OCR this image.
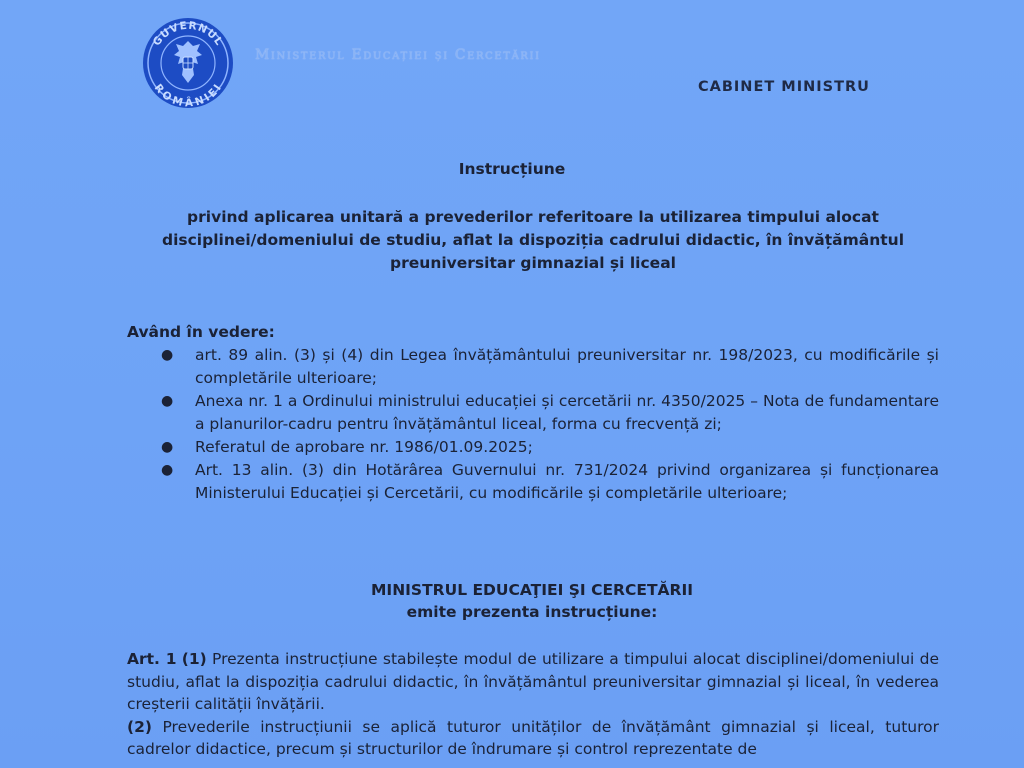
GUVERNUL
ROMÂNIEI
Ministerul Educației și Cercetării
CABINET MINISTRU
Instrucțiune
privind aplicarea unitară a prevederilor referitoare la utilizarea timpului alocat disciplinei/domeniului de studiu, aflat la dispoziția cadrului didactic, în învățământul preuniversitar gimnazial și liceal
Având în vedere:
● art. 89 alin. (3) și (4) din Legea învățământului preuniversitar nr. 198/2023, cu modificările și completările ulterioare;
● Anexa nr. 1 a Ordinului ministrului educației și cercetării nr. 4350/2025 – Nota de fundamentare a planurilor-cadru pentru învățământul liceal, forma cu frecvență zi;
● Referatul de aprobare nr. 1986/01.09.2025;
● Art. 13 alin. (3) din Hotărârea Guvernului nr. 731/2024 privind organizarea și funcționarea Ministerului Educației și Cercetării, cu modificările și completările ulterioare;
MINISTRUL EDUCAŢIEI ŞI CERCETĂRII
emite prezenta instrucțiune:

Art. 1 (1) Prezenta instrucțiune stabilește modul de utilizare a timpului alocat disciplinei/domeniului de studiu, aflat la dispoziția cadrului didactic, în învățământul preuniversitar gimnazial și liceal, în vederea creșterii calității învățării.

(2) Prevederile instrucțiunii se aplică tuturor unităților de învățământ gimnazial și liceal, tuturor cadrelor didactice, precum și structurilor de îndrumare și control reprezentate de
